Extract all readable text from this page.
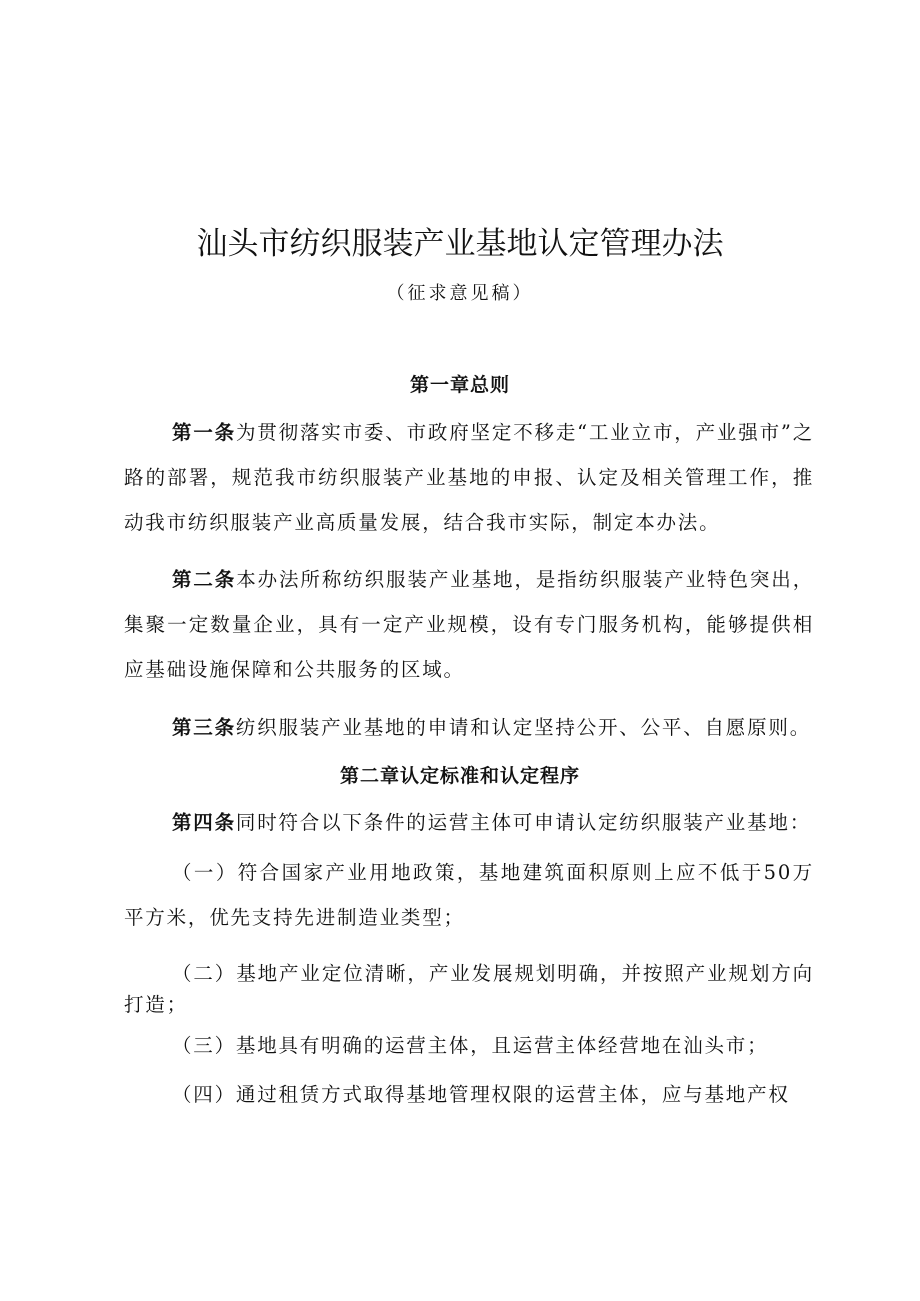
汕头市纺织服装产业基地认定管理办法
（征求意见稿）
第一章总则

第一条为贯彻落实市委、市政府坚定不移走“工业立市，产业强市”之路的部署，规范我市纺织服装产业基地的申报、认定及相关管理工作，推动我市纺织服装产业高质量发展，结合我市实际，制定本办法。

第二条本办法所称纺织服装产业基地，是指纺织服装产业特色突出，集聚一定数量企业，具有一定产业规模，设有专门服务机构，能够提供相应基础设施保障和公共服务的区域。

第三条纺织服装产业基地的申请和认定坚持公开、公平、自愿原则。

第二章认定标准和认定程序

第四条同时符合以下条件的运营主体可申请认定纺织服装产业基地：

（一）符合国家产业用地政策，基地建筑面积原则上应不低于50万平方米，优先支持先进制造业类型；

（二）基地产业定位清晰，产业发展规划明确，并按照产业规划方向打造；

（三）基地具有明确的运营主体，且运营主体经营地在汕头市；

（四）通过租赁方式取得基地管理权限的运营主体，应与基地产权
